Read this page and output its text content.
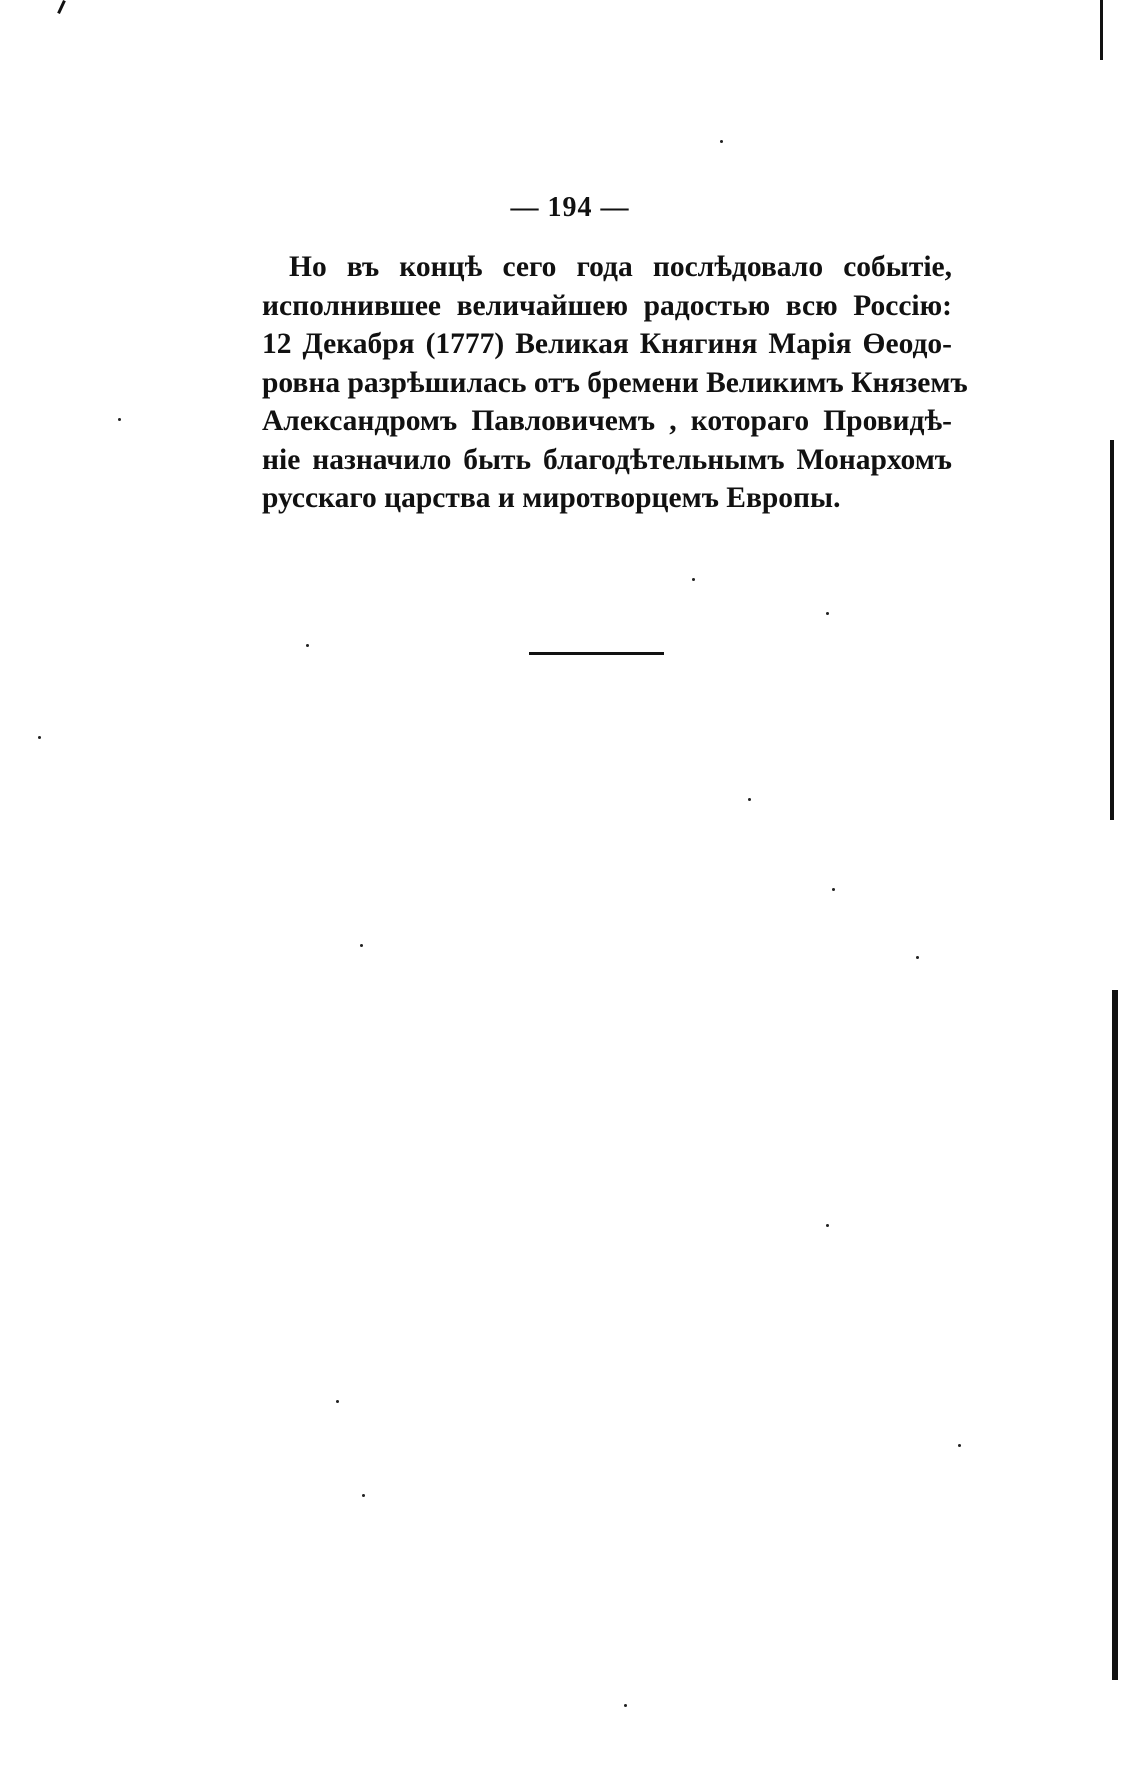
— 194 —

Но въ концѣ сего года послѣдовало событіе,
исполнившее величайшею радостью всю Россію:
12 Декабря (1777) Великая Княгиня Марія Өеодо-
ровна разрѣшилась отъ бремени Великимъ Княземъ
Александромъ Павловичемъ , котораго Провидѣ-
ніе назначило быть благодѣтельнымъ Монархомъ
русскаго царства и миротворцемъ Европы.
